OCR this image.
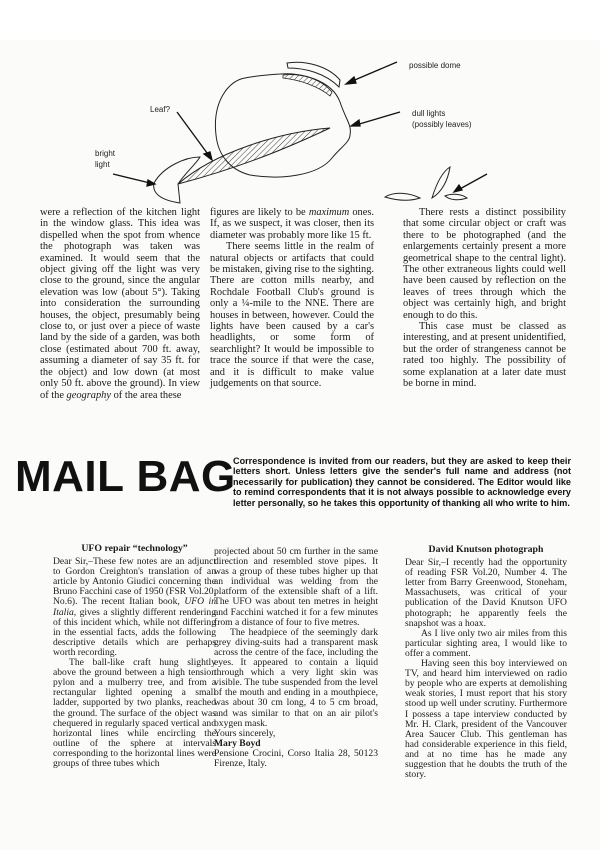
possible dome
dull lights
(possibly leaves)
Leaf?
bright
light

were a reflection of the kitchen light in the window glass. This idea was dispelled when the spot from whence the photograph was taken was examined. It would seem that the object giving off the light was very close to the ground, since the angular elevation was low (about 5°). Taking into consideration the surrounding houses, the object, presumably being close to, or just over a piece of waste land by the side of a garden, was both close (estimated about 700 ft. away, assuming a diameter of say 35 ft. for the object) and low down (at most only 50 ft. above the ground). In view of the geography of the area these

figures are likely to be maximum ones. If, as we suspect, it was closer, then its diameter was probably more like 15 ft.

There seems little in the realm of natural objects or artifacts that could be mistaken, giving rise to the sighting. There are cotton mills nearby, and Rochdale Football Club's ground is only a ¼-mile to the NNE. There are houses in between, however. Could the lights have been caused by a car's headlights, or some form of searchlight? It would be impossible to trace the source if that were the case, and it is difficult to make value judgements on that source.

There rests a distinct possibility that some circular object or craft was there to be photographed (and the enlargements certainly present a more geometrical shape to the central light). The other extraneous lights could well have been caused by reflection on the leaves of trees through which the object was certainly high, and bright enough to do this.

This case must be classed as interesting, and at present unidentified, but the order of strangeness cannot be rated too highly. The possibility of some explanation at a later date must be borne in mind.

MAIL BAG
Correspondence is invited from our readers, but they are asked to keep their letters short. Unless letters give the sender's full name and address (not necessarily for publication) they cannot be considered. The Editor would like to remind correspondents that it is not always possible to acknowledge every letter personally, so he takes this opportunity of thanking all who write to him.
UFO repair “technology”

Dear Sir,–These few notes are an adjunct to Gordon Creighton's translation of an article by Antonio Giudici concerning the Bruno Facchini case of 1950 (FSR Vol.20, No.6). The recent Italian book, UFO in Italia, gives a slightly different rendering of this incident which, while not differing in the essential facts, adds the following descriptive details which are perhaps worth recording.

The ball-like craft hung slightly above the ground between a high tension pylon and a mulberry tree, and from a rectangular lighted opening a small ladder, supported by two planks, reached the ground. The surface of the object was chequered in regularly spaced vertical and horizontal lines while encircling the outline of the sphere at intervals corresponding to the horizontal lines were groups of three tubes which

projected about 50 cm further in the same direction and resembled stove pipes. It was a group of these tubes higher up that an individual was welding from the platform of the extensible shaft of a lift. The UFO was about ten metres in height and Facchini watched it for a few minutes from a distance of four to five metres.

The headpiece of the seemingly dark grey diving-suits had a transparent mask across the centre of the face, including the eyes. It appeared to contain a liquid through which a very light skin was visible. The tube suspended from the level of the mouth and ending in a mouthpiece, was about 30 cm long, 4 to 5 cm broad, and was similar to that on an air pilot's oxygen mask.

Yours sincerely,

Mary Boyd

Pensione Crocini, Corso Italia 28, 50123 Firenze, Italy.

David Knutson photograph

Dear Sir,–I recently had the opportunity of reading FSR Vol.20, Number 4. The letter from Barry Greenwood, Stoneham, Massachusets, was critical of your publication of the David Knutson UFO photograph; he apparently feels the snapshot was a hoax.

As I live only two air miles from this particular sighting area, I would like to offer a comment.

Having seen this boy interviewed on TV, and heard him interviewed on radio by people who are experts at demolishing weak stories, I must report that his story stood up well under scrutiny. Furthermore I possess a tape interview conducted by Mr. H. Clark, president of the Vancouver Area Saucer Club. This gentleman has had considerable experience in this field, and at no time has he made any suggestion that he doubts the truth of the story.
